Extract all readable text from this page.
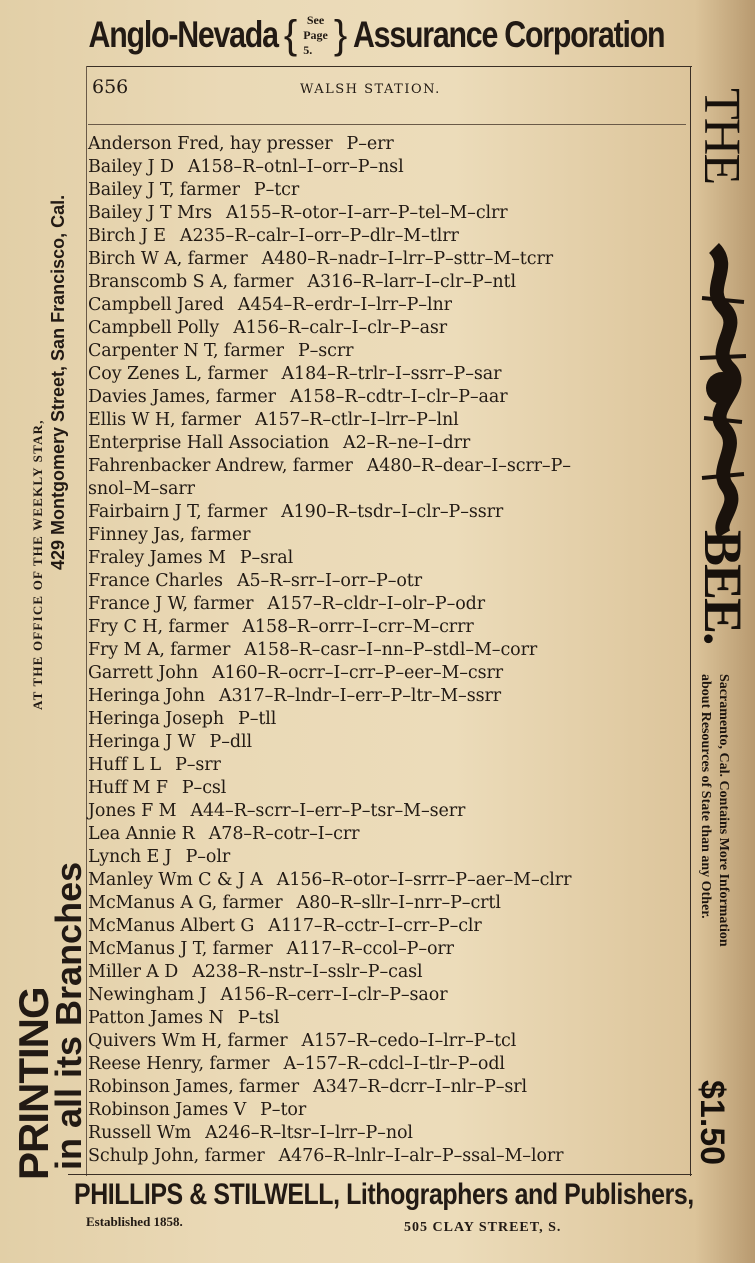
Anglo-Nevada { See
Page 5. } Assurance Corporation
656	WALSH STATION.
Anderson Fred, hay presser P–err
Bailey J D A158–R–otnl–I–orr–P–nsl
Bailey J T, farmer P–tcr
Bailey J T Mrs A155–R–otor–I–arr–P–tel–M–clrr
Birch J E A235–R–calr–I–orr–P–dlr–M–tlrr
Birch W A, farmer A480–R–nadr–I–lrr–P–sttr–M–tcrr
Branscomb S A, farmer A316–R–larr–I–clr–P–ntl
Campbell Jared A454–R–erdr–I–lrr–P–lnr
Campbell Polly A156–R–calr–I–clr–P–asr
Carpenter N T, farmer P–scrr
Coy Zenes L, farmer A184–R–trlr–I–ssrr–P–sar
Davies James, farmer A158–R–cdtr–I–clr–P–aar
Ellis W H, farmer A157–R–ctlr–I–lrr–P–lnl
Enterprise Hall Association A2–R–ne–I–drr
Fahrenbacker Andrew, farmer A480–R–dear–I–scrr–P–
snol–M–sarr
Fairbairn J T, farmer A190–R–tsdr–I–clr–P–ssrr
Finney Jas, farmer
Fraley James M P–sral
France Charles A5–R–srr–I–orr–P–otr
France J W, farmer A157–R–cldr–I–olr–P–odr
Fry C H, farmer A158–R–orrr–I–crr–M–crrr
Fry M A, farmer A158–R–casr–I–nn–P–stdl–M–corr
Garrett John A160–R–ocrr–I–crr–P–eer–M–csrr
Heringa John A317–R–lndr–I–err–P–ltr–M–ssrr
Heringa Joseph P–tll
Heringa J W P–dll
Huff L L P–srr
Huff M F P–csl
Jones F M A44–R–scrr–I–err–P–tsr–M–serr
Lea Annie R A78–R–cotr–I–crr
Lynch E J P–olr
Manley Wm C & J A A156–R–otor–I–srrr–P–aer–M–clrr
McManus A G, farmer A80–R–sllr–I–nrr–P–crtl
McManus Albert G A117–R–cctr–I–crr–P–clr
McManus J T, farmer A117–R–ccol–P–orr
Miller A D A238–R–nstr–I–sslr–P–casl
Newingham J A156–R–cerr–I–clr–P–saor
Patton James N P–tsl
Quivers Wm H, farmer A157–R–cedo–I–lrr–P–tcl
Reese Henry, farmer A–157–R–cdcl–I–tlr–P–odl
Robinson James, farmer A347–R–dcrr–I–nlr–P–srl
Robinson James V P–tor
Russell Wm A246–R–ltsr–I–lrr–P–nol
Schulp John, farmer A476–R–lnlr–I–alr–P–ssal–M–lorr
AT THE OFFICE OF THE WEEKLY STAR, 429 Montgomery Street, San Francisco, Cal.
PRINTING
in all its Branches
THE
BEE.
Sacramento, Cal. Contains More Information
about Resources of State than any Other.
$1.50
PHILLIPS & STILWELL, Lithographers and Publishers,
Established 1858.	505 CLAY STREET, S.
